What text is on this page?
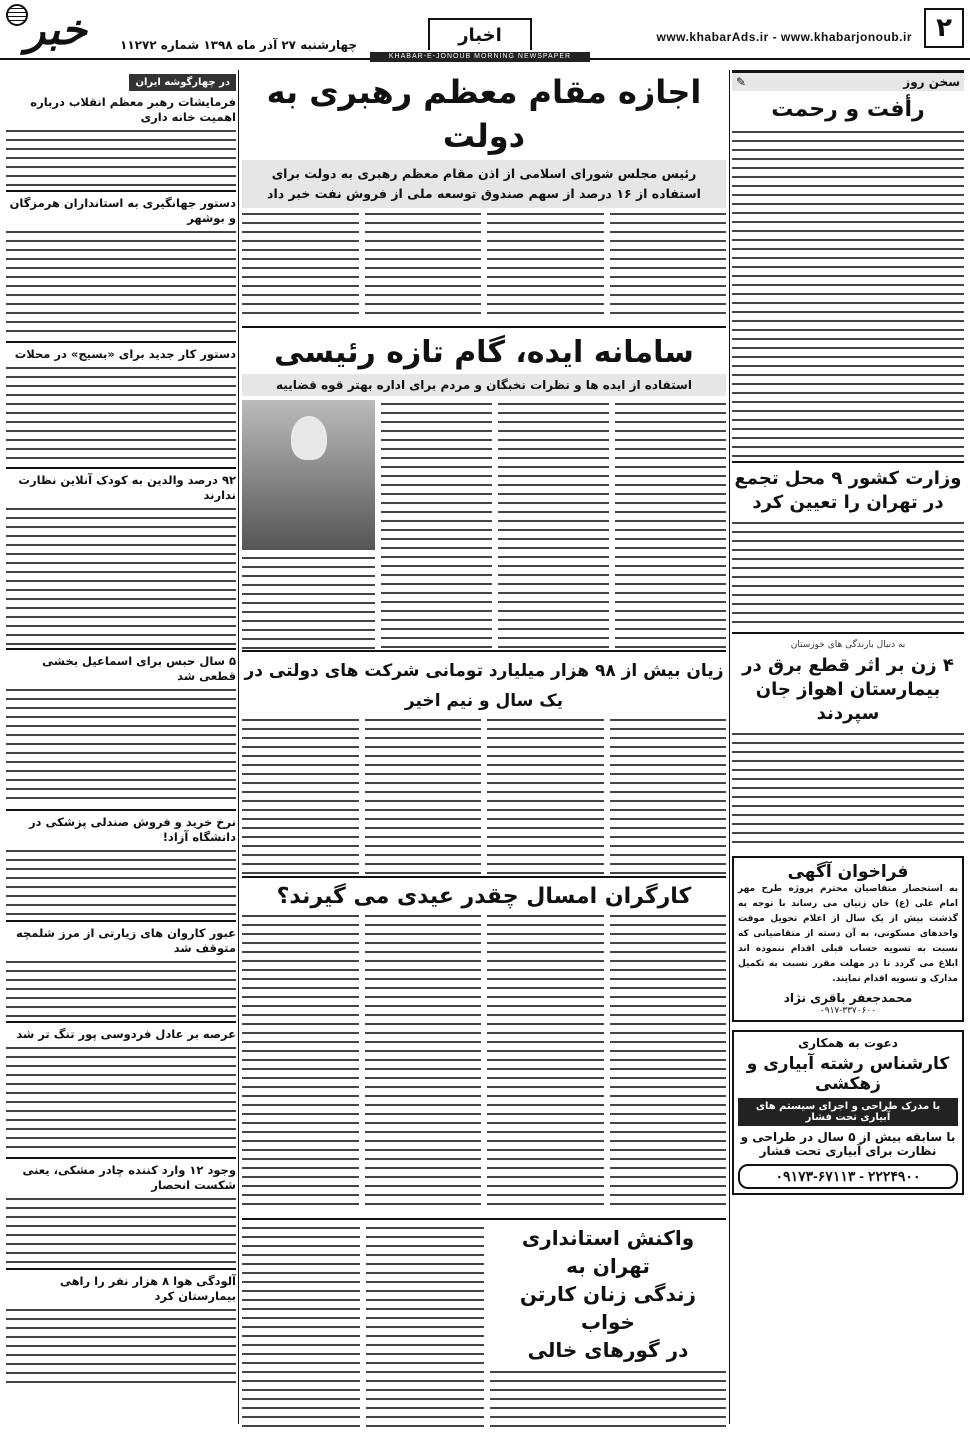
۲
www.khabarAds.ir - www.khabarjonoub.ir
اخبار
KHABAR-E-JONOUB MORNING NEWSPAPER
چهارشنبه ۲۷ آذر ماه ۱۳۹۸ شماره ۱۱۲۷۲
خبر
در چهارگوشه ایران
فرمایشات رهبر معظم انقلاب درباره اهمیت خانه داری
دستور جهانگیری به استانداران هرمزگان و بوشهر
دستور کار جدید برای «بسیج» در محلات
۹۲ درصد والدین به کودک آنلاین نظارت ندارند
۵ سال حبس برای اسماعیل بخشی قطعی شد
نرخ خرید و فروش صندلی پزشکی در دانشگاه آزاد!
عبور کاروان های زیارتی از مرز شلمچه متوقف شد
عرصه بر عادل فردوسی پور تنگ تر شد
وجود ۱۲ وارد کننده چادر مشکی، یعنی شکست انحصار
آلودگی هوا ۸ هزار نفر را راهی بیمارستان کرد
اجازه مقام معظم رهبری به دولت
رئیس مجلس شورای اسلامی از اذن مقام معظم رهبری به دولت برای استفاده از ۱۶ درصد از سهم صندوق توسعه ملی از فروش نفت خبر داد
سامانه ایده، گام تازه رئیسی
استفاده از ایده ها و نظرات نخبگان و مردم برای اداره بهتر قوه قضاییه
زیان بیش از ۹۸ هزار میلیارد تومانی شرکت های دولتی در یک سال و نیم اخیر
کارگران امسال چقدر عیدی می گیرند؟
واکنش استانداری تهران به
زندگی زنان کارتن خواب
در گورهای خالی
سخن روز
✎
رأفت و رحمت
وزارت کشور ۹ محل تجمع در تهران را تعیین کرد
به دنبال بارندگی های خوزستان
۴ زن بر اثر قطع برق در بیمارستان اهواز جان سپردند
فراخوان آگهی
به استحضار متقاضیان محترم پروژه طرح مهر امام علی (ع) خان زنیان می رساند با توجه به گذشت بیش از یک سال از اعلام تحویل موقت واحدهای مسکونی، به آن دسته از متقاضیانی که نسبت به تسویه حساب قبلی اقدام ننموده اند ابلاغ می گردد تا در مهلت مقرر نسبت به تکمیل مدارک و تسویه اقدام نمایند.
محمدجعفر باقری نژاد
۰۹۱۷-۳۳۷۰۶۰۰
دعوت به همکاری
کارشناس رشته آبیاری و زهکشی
با مدرک طراحی و اجرای سیستم های آبیاری تحت فشار
با سابقه بیش از ۵ سال در طراحی و نظارت برای آبیاری تحت فشار
۰۹۱۷۳-۶۷۱۱۳ - ۲۲۲۴۹۰۰
